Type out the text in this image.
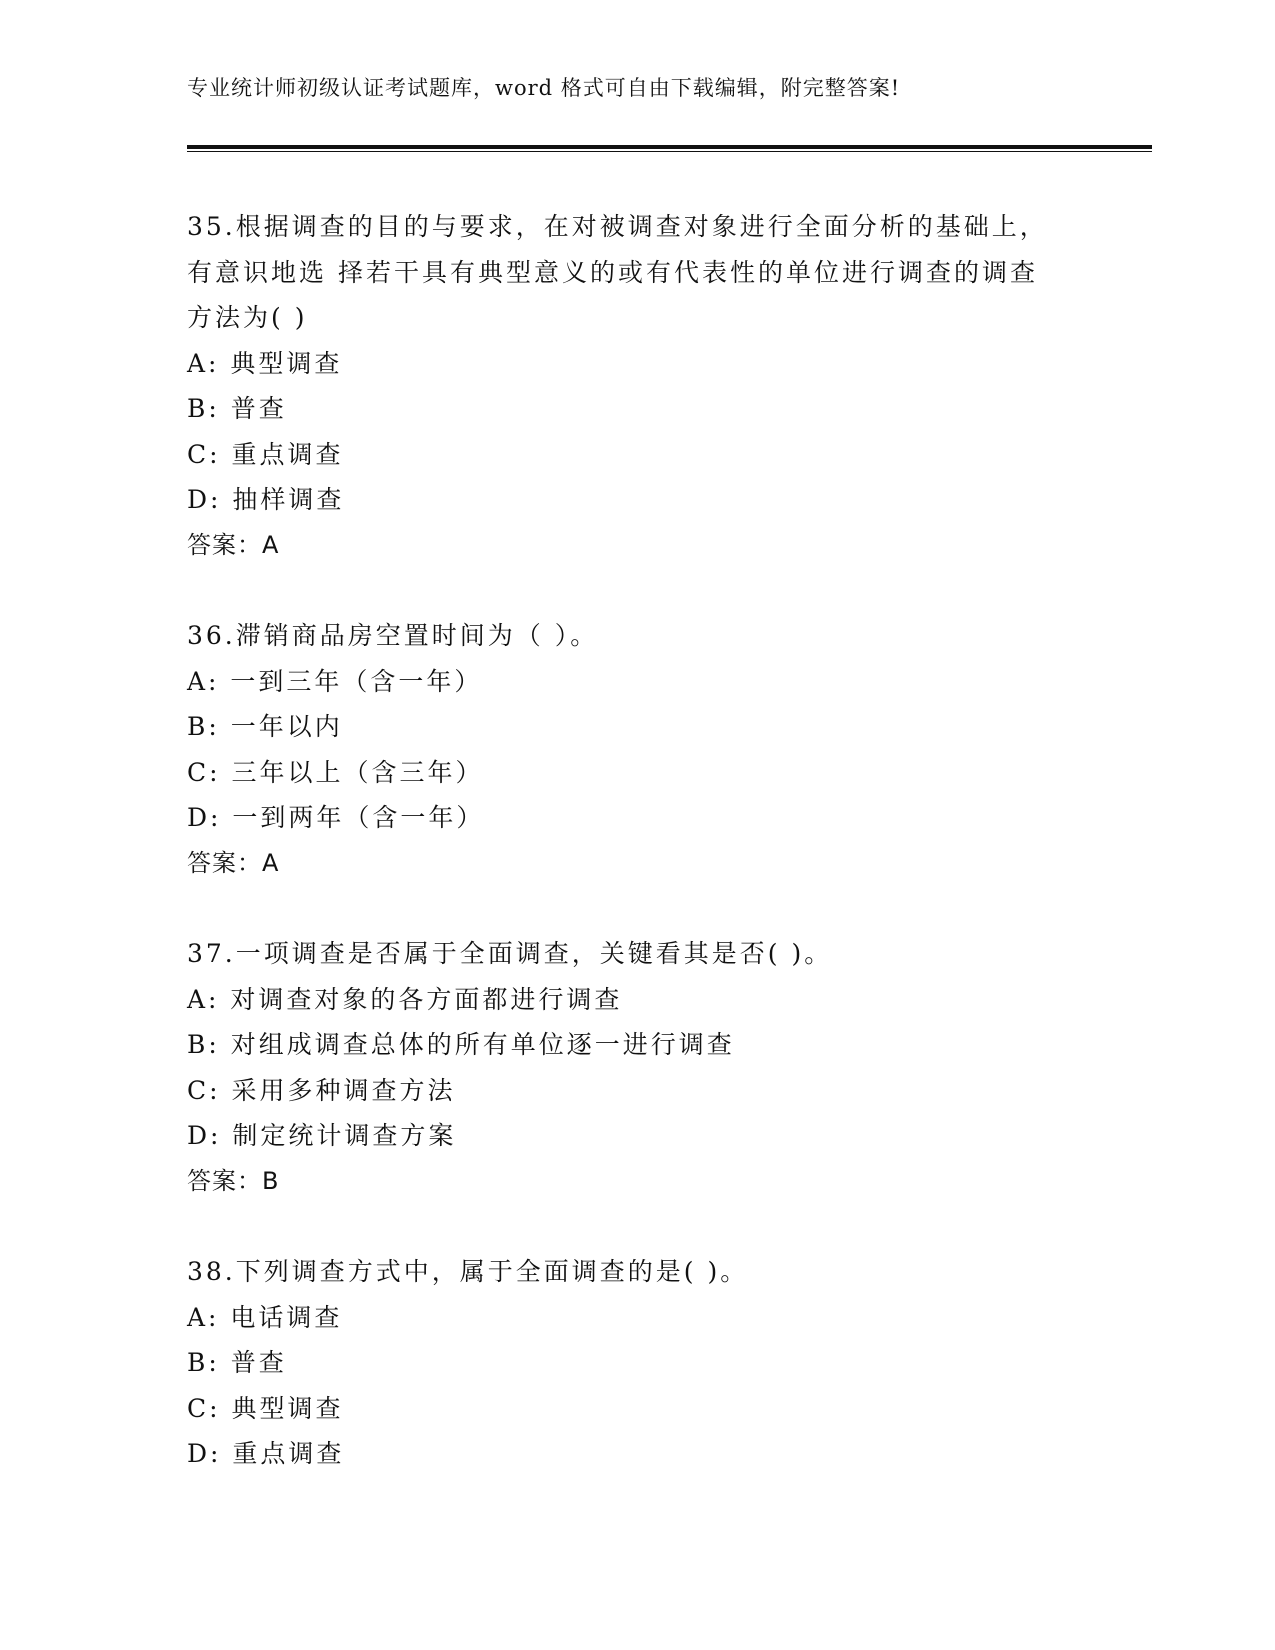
专业统计师初级认证考试题库，word 格式可自由下载编辑，附完整答案!
35.根据调查的目的与要求，在对被调查对象进行全面分析的基础上，
有意识地选 择若干具有典型意义的或有代表性的单位进行调查的调查
方法为( )
A: 典型调查
B: 普查
C: 重点调查
D: 抽样调查
答案：A
36.滞销商品房空置时间为（ ）。
A: 一到三年（含一年）
B: 一年以内
C: 三年以上（含三年）
D: 一到两年（含一年）
答案：A
37.一项调查是否属于全面调查，关键看其是否( )。
A: 对调查对象的各方面都进行调查
B: 对组成调查总体的所有单位逐一进行调查
C: 采用多种调查方法
D: 制定统计调查方案
答案：B
38.下列调查方式中，属于全面调查的是( )。
A: 电话调查
B: 普查
C: 典型调查
D: 重点调查
